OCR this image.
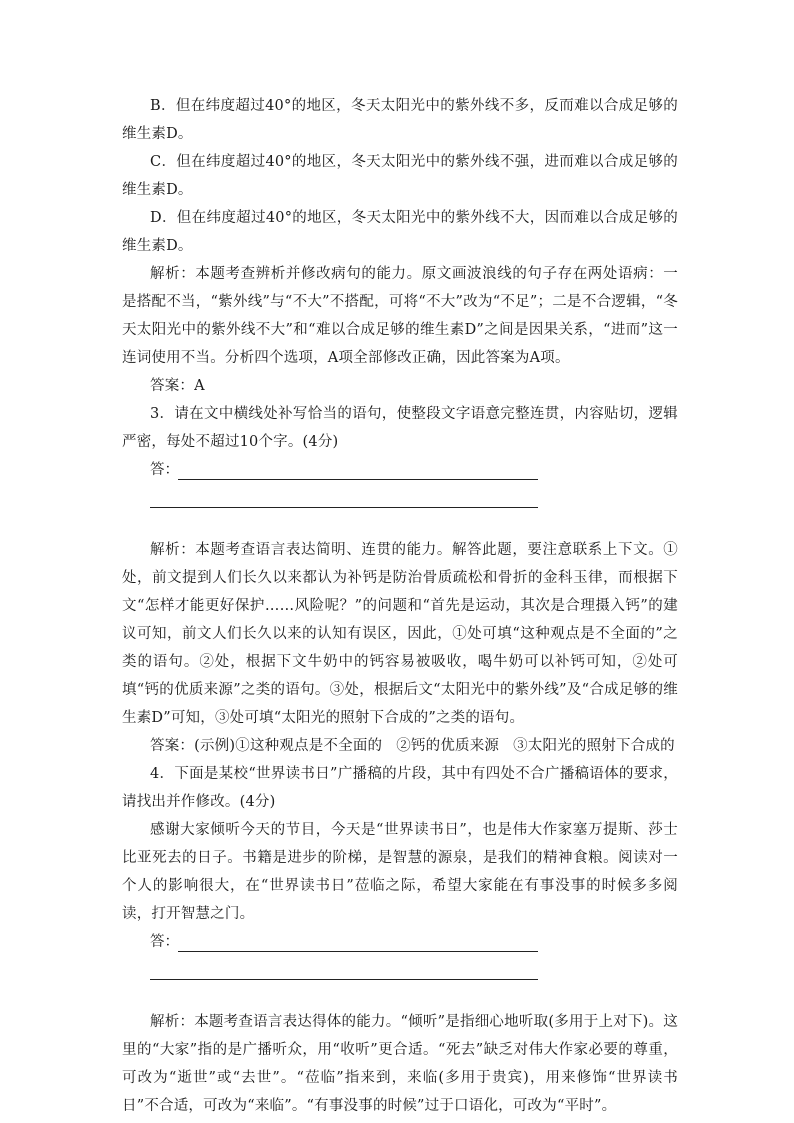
B．但在纬度超过40°的地区，冬天太阳光中的紫外线不多，反而难以合成足够的维生素D。

C．但在纬度超过40°的地区，冬天太阳光中的紫外线不强，进而难以合成足够的维生素D。

D．但在纬度超过40°的地区，冬天太阳光中的紫外线不大，因而难以合成足够的维生素D。

解析：本题考查辨析并修改病句的能力。原文画波浪线的句子存在两处语病：一是搭配不当，“紫外线”与“不大”不搭配，可将“不大”改为“不足”；二是不合逻辑，“冬天太阳光中的紫外线不大”和“难以合成足够的维生素D”之间是因果关系，“进而”这一连词使用不当。分析四个选项，A项全部修改正确，因此答案为A项。

答案：A

3．请在文中横线处补写恰当的语句，使整段文字语意完整连贯，内容贴切，逻辑严密，每处不超过10个字。(4分)

答：

解析：本题考查语言表达简明、连贯的能力。解答此题，要注意联系上下文。①处，前文提到人们长久以来都认为补钙是防治骨质疏松和骨折的金科玉律，而根据下文“怎样才能更好保护……风险呢？”的问题和“首先是运动，其次是合理摄入钙”的建议可知，前文人们长久以来的认知有误区，因此，①处可填“这种观点是不全面的”之类的语句。②处，根据下文牛奶中的钙容易被吸收，喝牛奶可以补钙可知，②处可填“钙的优质来源”之类的语句。③处，根据后文“太阳光中的紫外线”及“合成足够的维生素D”可知，③处可填“太阳光的照射下合成的”之类的语句。

答案：(示例)①这种观点是不全面的 ②钙的优质来源 ③太阳光的照射下合成的

4．下面是某校“世界读书日”广播稿的片段，其中有四处不合广播稿语体的要求，请找出并作修改。(4分)

感谢大家倾听今天的节目，今天是“世界读书日”，也是伟大作家塞万提斯、莎士比亚死去的日子。书籍是进步的阶梯，是智慧的源泉，是我们的精神食粮。阅读对一个人的影响很大，在“世界读书日”莅临之际，希望大家能在有事没事的时候多多阅读，打开智慧之门。

答：

解析：本题考查语言表达得体的能力。“倾听”是指细心地听取(多用于上对下)。这里的“大家”指的是广播听众，用“收听”更合适。“死去”缺乏对伟大作家必要的尊重，可改为“逝世”或“去世”。“莅临”指来到，来临(多用于贵宾)，用来修饰“世界读书日”不合适，可改为“来临”。“有事没事的时候”过于口语化，可改为“平时”。
